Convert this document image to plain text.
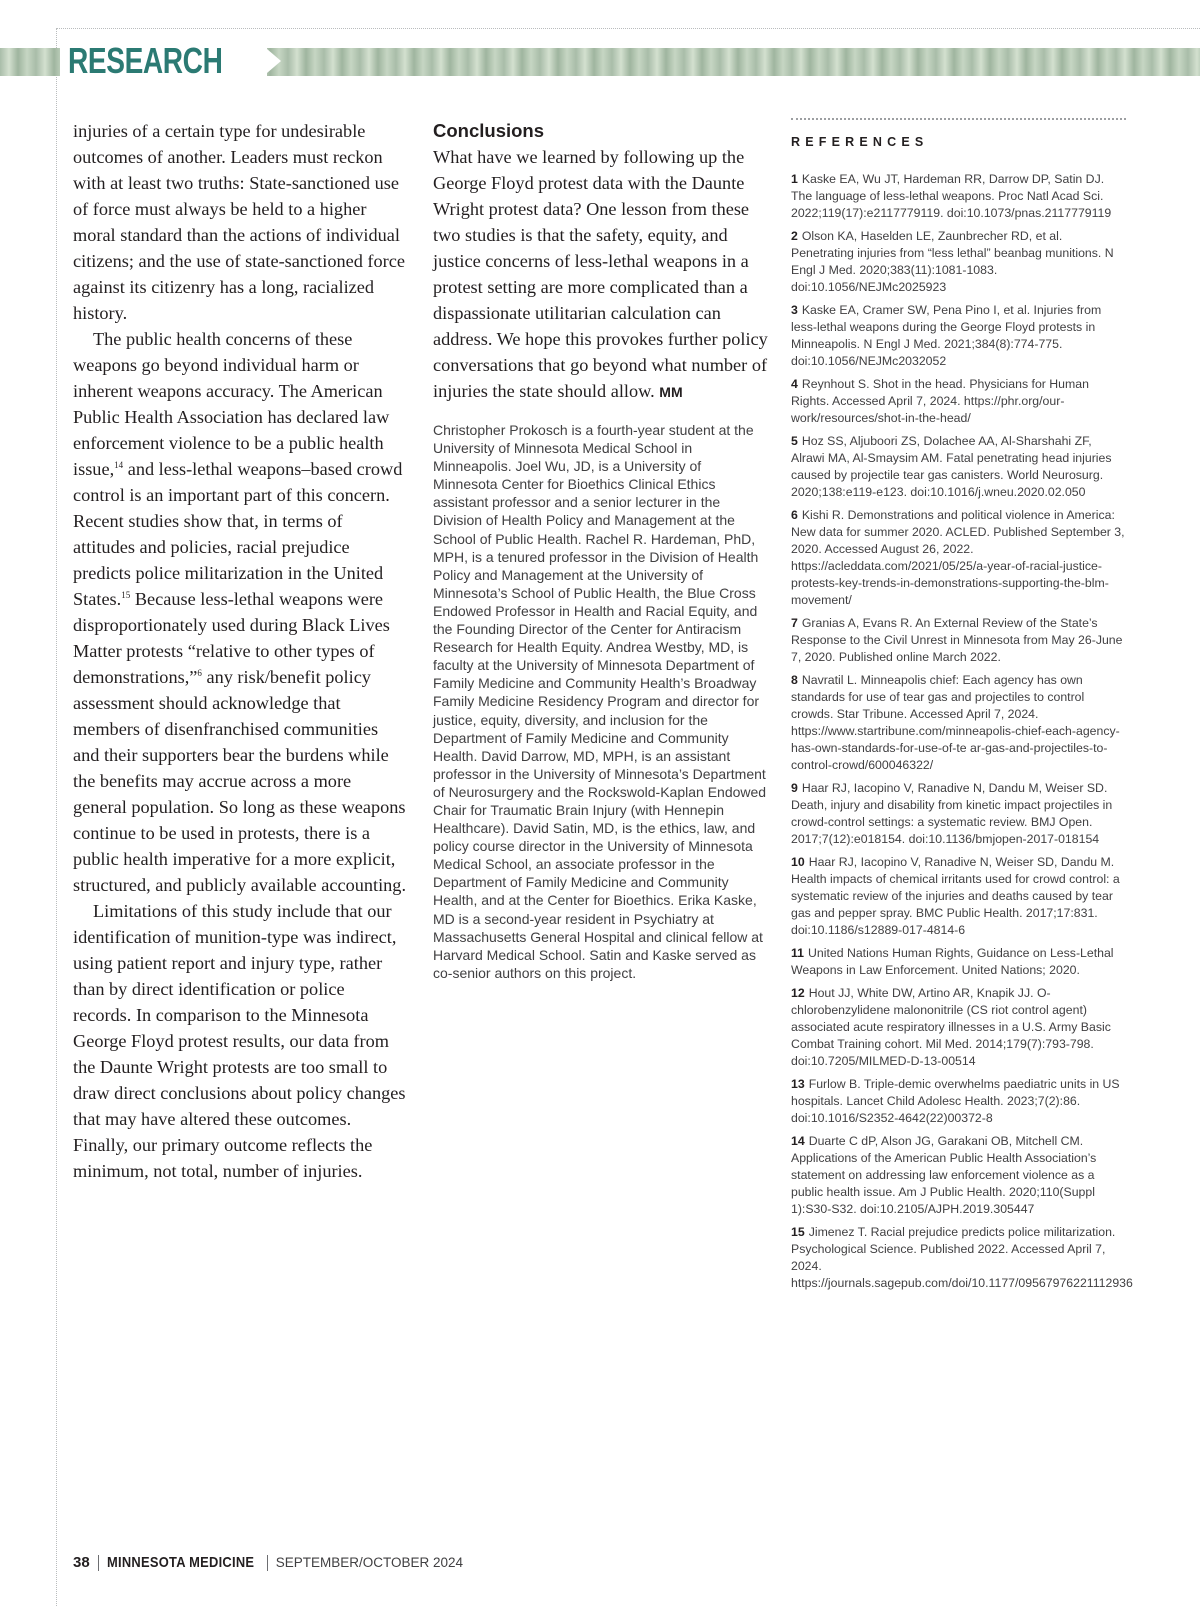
RESEARCH

injuries of a certain type for undesirable outcomes of another. Leaders must reckon with at least two truths: State-sanctioned use of force must always be held to a higher moral standard than the actions of individual citizens; and the use of state-sanctioned force against its citizenry has a long, racialized history.

The public health concerns of these weapons go beyond individual harm or inherent weapons accuracy. The American Public Health Association has declared law enforcement violence to be a public health issue,$^{14}$ and less-lethal weapons–based crowd control is an important part of this concern. Recent studies show that, in terms of attitudes and policies, racial prejudice predicts police militarization in the United States.$^{15}$ Because less-lethal weapons were disproportionately used during Black Lives Matter protests “relative to other types of demonstrations,”$^6$ any risk/benefit policy assessment should acknowledge that members of disenfranchised communities and their supporters bear the burdens while the benefits may accrue across a more general population. So long as these weapons continue to be used in protests, there is a public health imperative for a more explicit, structured, and publicly available accounting.

Limitations of this study include that our identification of munition-type was indirect, using patient report and injury type, rather than by direct identification or police records. In comparison to the Minnesota George Floyd protest results, our data from the Daunte Wright protests are too small to draw direct conclusions about policy changes that may have altered these outcomes. Finally, our primary outcome reflects the minimum, not total, number of injuries.

Conclusions

What have we learned by following up the George Floyd protest data with the Daunte Wright protest data? One lesson from these two studies is that the safety, equity, and justice concerns of less-lethal weapons in a protest setting are more complicated than a dispassionate utilitarian calculation can address. We hope this provokes further policy conversations that go beyond what number of injuries the state should allow. MM

Christopher Prokosch is a fourth-year student at the University of Minnesota Medical School in Minneapolis. Joel Wu, JD, is a University of Minnesota Center for Bioethics Clinical Ethics assistant professor and a senior lecturer in the Division of Health Policy and Management at the School of Public Health. Rachel R. Hardeman, PhD, MPH, is a tenured professor in the Division of Health Policy and Management at the University of Minnesota’s School of Public Health, the Blue Cross Endowed Professor in Health and Racial Equity, and the Founding Director of the Center for Antiracism Research for Health Equity. Andrea Westby, MD, is faculty at the University of Minnesota Department of Family Medicine and Community Health’s Broadway Family Medicine Residency Program and director for justice, equity, diversity, and inclusion for the Department of Family Medicine and Community Health. David Darrow, MD, MPH, is an assistant professor in the University of Minnesota’s Department of Neurosurgery and the Rockswold-Kaplan Endowed Chair for Traumatic Brain Injury (with Hennepin Healthcare). David Satin, MD, is the ethics, law, and policy course director in the University of Minnesota Medical School, an associate professor in the Department of Family Medicine and Community Health, and at the Center for Bioethics. Erika Kaske, MD is a second-year resident in Psychiatry at Massachusetts General Hospital and clinical fellow at Harvard Medical School. Satin and Kaske served as co-senior authors on this project.

REFERENCES

1 Kaske EA, Wu JT, Hardeman RR, Darrow DP, Satin DJ. The language of less-lethal weapons. Proc Natl Acad Sci. 2022;119(17):e2117779119. doi:10.1073/pnas.2117779119

2 Olson KA, Haselden LE, Zaunbrecher RD, et al. Penetrating injuries from “less lethal” beanbag munitions. N Engl J Med. 2020;383(11):1081-1083. doi:10.1056/NEJMc2025923

3 Kaske EA, Cramer SW, Pena Pino I, et al. Injuries from less-lethal weapons during the George Floyd protests in Minneapolis. N Engl J Med. 2021;384(8):774-775. doi:10.1056/NEJMc2032052

4 Reynhout S. Shot in the head. Physicians for Human Rights. Accessed April 7, 2024. https://phr.org/our-work/resources/shot-in-the-head/

5 Hoz SS, Aljuboori ZS, Dolachee AA, Al-Sharshahi ZF, Alrawi MA, Al-Smaysim AM. Fatal penetrating head injuries caused by projectile tear gas canisters. World Neurosurg. 2020;138:e119-e123. doi:10.1016/j.wneu.2020.02.050

6 Kishi R. Demonstrations and political violence in America: New data for summer 2020. ACLED. Published September 3, 2020. Accessed August 26, 2022. https://acleddata.com/2021/05/25/a-year-of-racial-justice-protests-key-trends-in-demonstrations-supporting-the-blm-movement/

7 Granias A, Evans R. An External Review of the State’s Response to the Civil Unrest in Minnesota from May 26-June 7, 2020. Published online March 2022.

8 Navratil L. Minneapolis chief: Each agency has own standards for use of tear gas and projectiles to control crowds. Star Tribune. Accessed April 7, 2024. https://www.startribune.com/minneapolis-chief-each-agency-has-own-standards-for-use-of-te ar-gas-and-projectiles-to-control-crowd/600046322/

9 Haar RJ, Iacopino V, Ranadive N, Dandu M, Weiser SD. Death, injury and disability from kinetic impact projectiles in crowd-control settings: a systematic review. BMJ Open. 2017;7(12):e018154. doi:10.1136/bmjopen-2017-018154

10 Haar RJ, Iacopino V, Ranadive N, Weiser SD, Dandu M. Health impacts of chemical irritants used for crowd control: a systematic review of the injuries and deaths caused by tear gas and pepper spray. BMC Public Health. 2017;17:831. doi:10.1186/s12889-017-4814-6

11 United Nations Human Rights, Guidance on Less-Lethal Weapons in Law Enforcement. United Nations; 2020.

12 Hout JJ, White DW, Artino AR, Knapik JJ. O-chlorobenzylidene malononitrile (CS riot control agent) associated acute respiratory illnesses in a U.S. Army Basic Combat Training cohort. Mil Med. 2014;179(7):793-798. doi:10.7205/MILMED-D-13-00514

13 Furlow B. Triple-demic overwhelms paediatric units in US hospitals. Lancet Child Adolesc Health. 2023;7(2):86. doi:10.1016/S2352-4642(22)00372-8

14 Duarte C dP, Alson JG, Garakani OB, Mitchell CM. Applications of the American Public Health Association’s statement on addressing law enforcement violence as a public health issue. Am J Public Health. 2020;110(Suppl 1):S30-S32. doi:10.2105/AJPH.2019.305447

15 Jimenez T. Racial prejudice predicts police militarization. Psychological Science. Published 2022. Accessed April 7, 2024. https://journals.sagepub.com/doi/10.1177/09567976221112936

38 MINNESOTA MEDICINE SEPTEMBER/OCTOBER 2024
